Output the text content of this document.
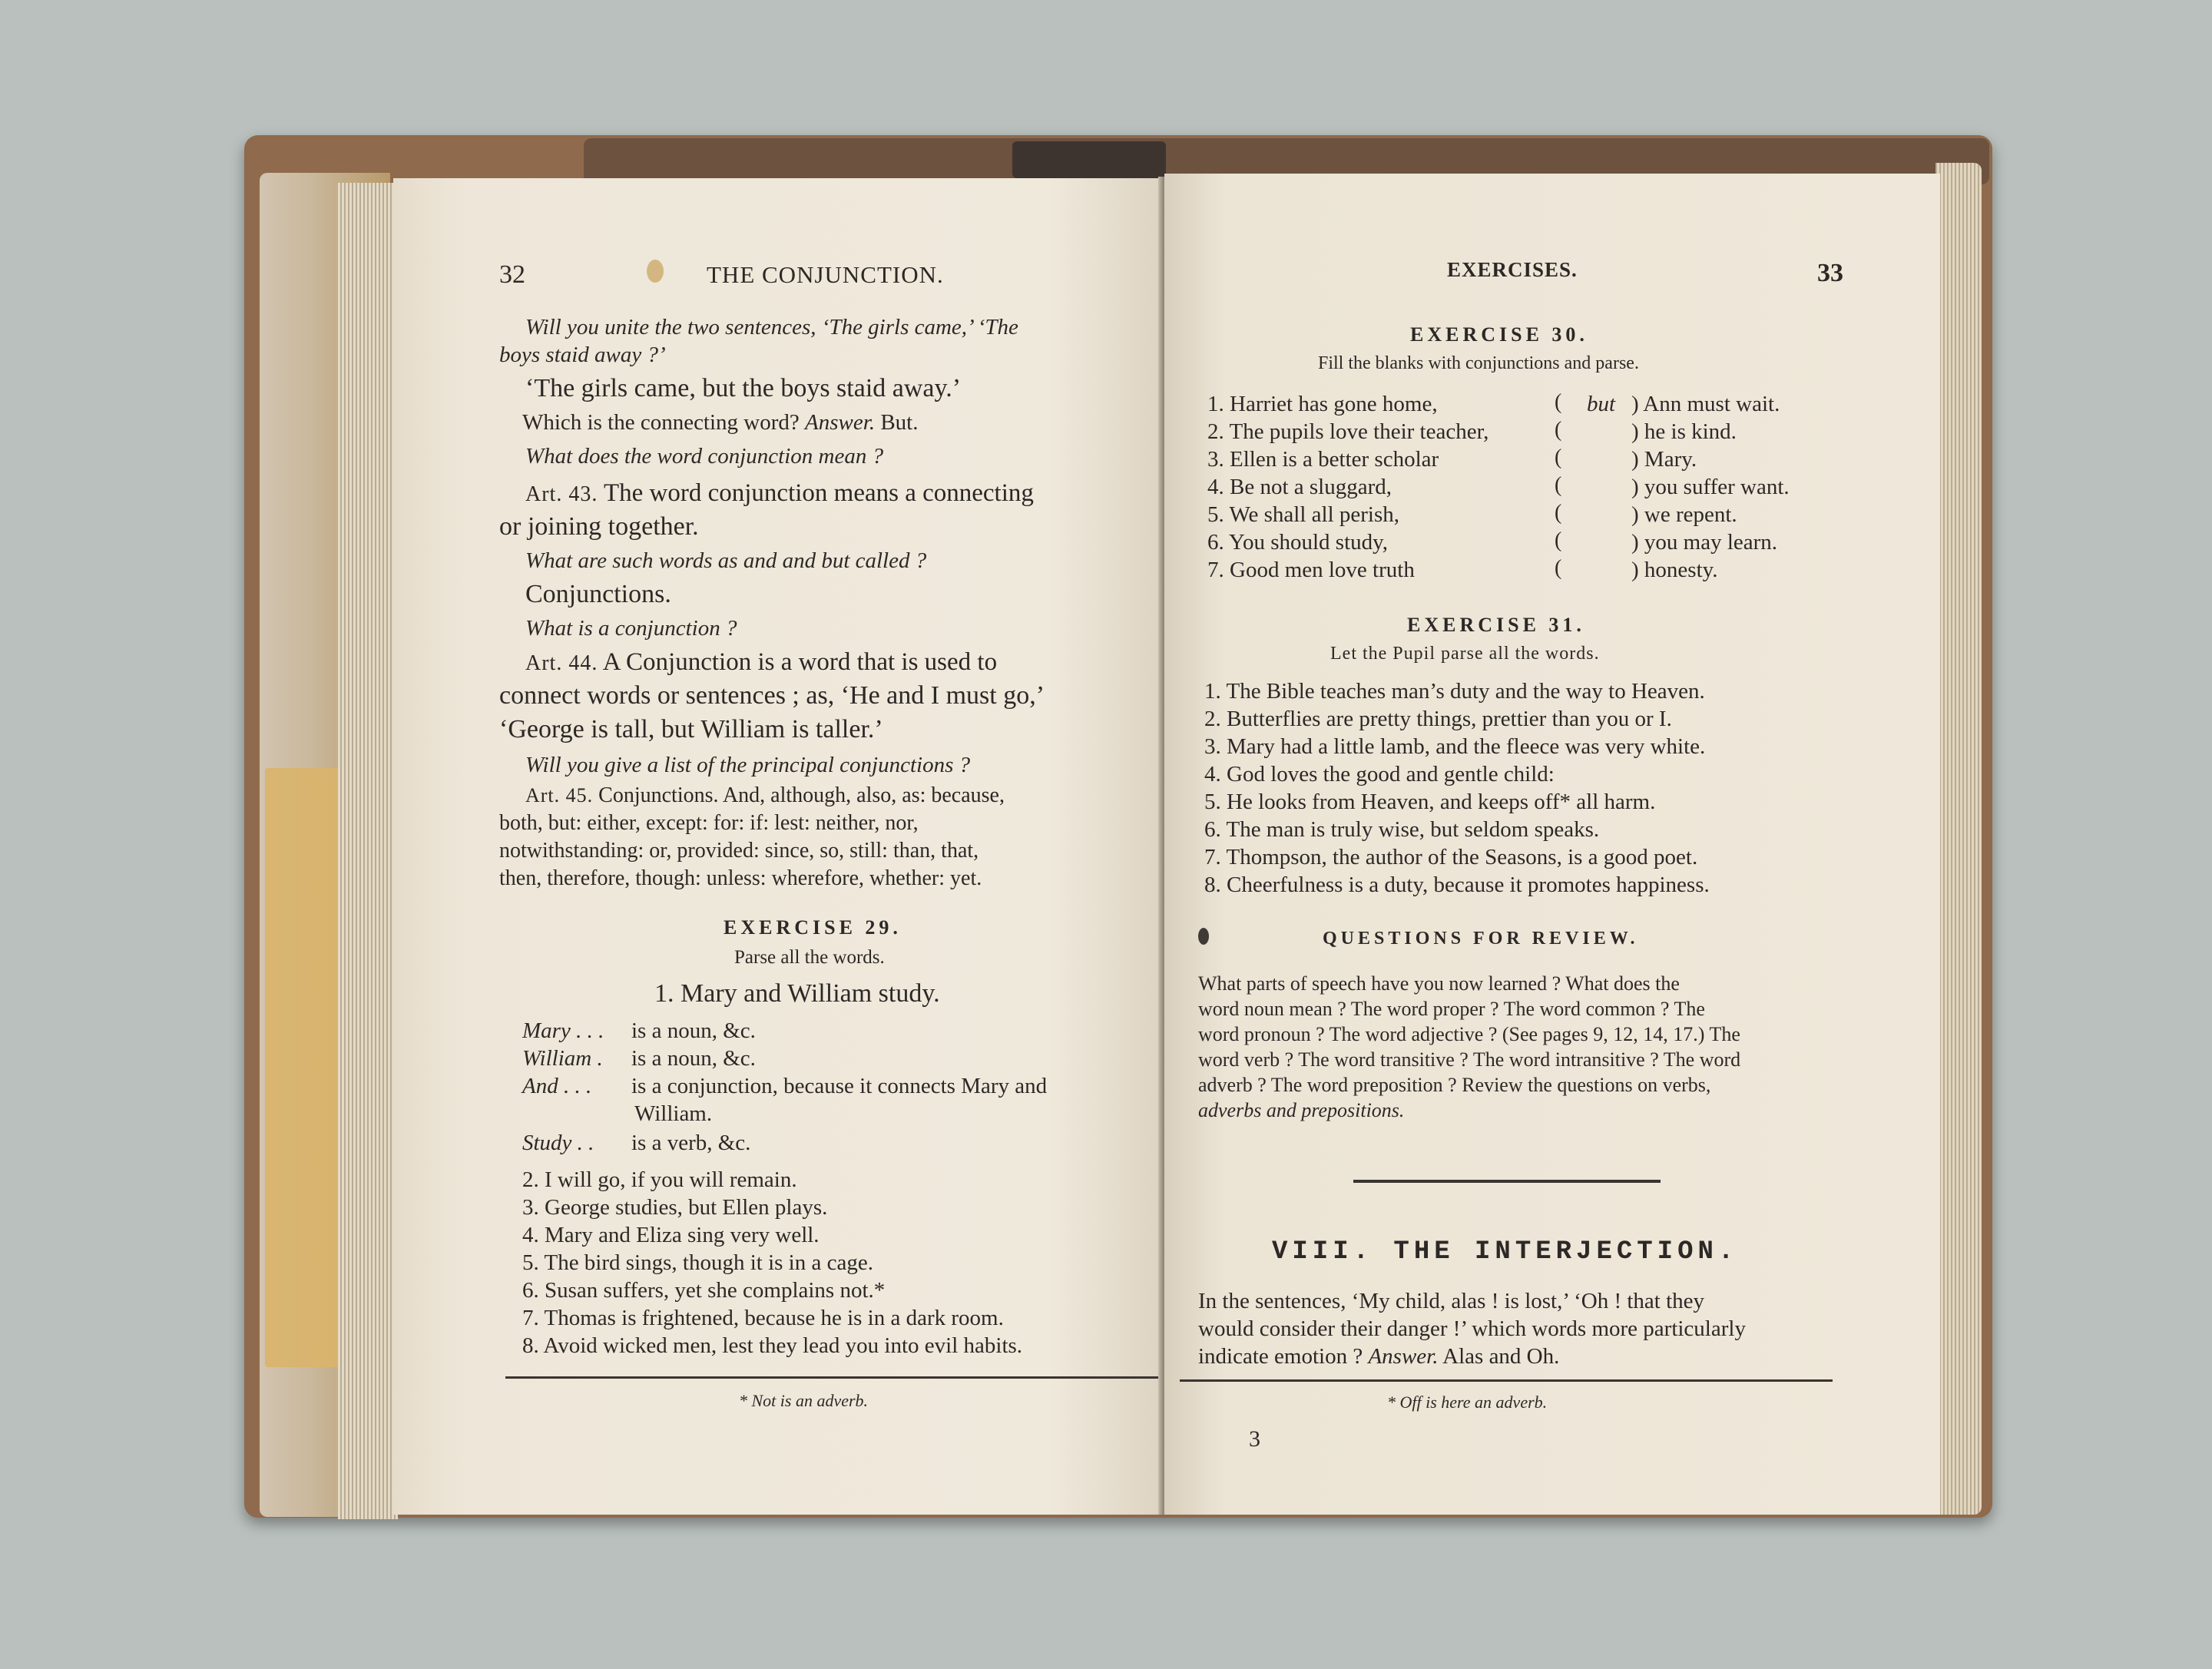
32	THE CONJUNCTION.
Will you unite the two sentences, ‘The girls came,’ ‘The
boys staid away ?’
‘The girls came, but the boys staid away.’
Which is the connecting word? Answer. But.
What does the word conjunction mean ?
Art. 43. The word conjunction means a connecting
or joining together.
What are such words as and and but called ?
Conjunctions.
What is a conjunction ?
Art. 44. A Conjunction is a word that is used to
connect words or sentences ; as, ‘He and I must go,’
‘George is tall, but William is taller.’
Will you give a list of the principal conjunctions ?
Art. 45. Conjunctions. And, although, also, as: because,
both, but: either, except: for: if: lest: neither, nor,
notwithstanding: or, provided: since, so, still: than, that,
then, therefore, though: unless: wherefore, whether: yet.
EXERCISE 29.
Parse all the words.
1. Mary and William study.
Mary . . . is a noun, &c.
William . is a noun, &c.
And . . . is a conjunction, because it connects Mary and
William.
Study . . is a verb, &c.
2. I will go, if you will remain.
3. George studies, but Ellen plays.
4. Mary and Eliza sing very well.
5. The bird sings, though it is in a cage.
6. Susan suffers, yet she complains not.*
7. Thomas is frightened, because he is in a dark room.
8. Avoid wicked men, lest they lead you into evil habits.
* Not is an adverb.
EXERCISES.	33
EXERCISE 30.
Fill the blanks with conjunctions and parse.
1. Harriet has gone home,	( but ) Ann must wait.
2. The pupils love their teacher,	(	) he is kind.
3. Ellen is a better scholar	(	) Mary.
4. Be not a sluggard,	(	) you suffer want.
5. We shall all perish,	(	) we repent.
6. You should study,	(	) you may learn.
7. Good men love truth	(	) honesty.
EXERCISE 31.
Let the Pupil parse all the words.
1. The Bible teaches man’s duty and the way to Heaven.
2. Butterflies are pretty things, prettier than you or I.
3. Mary had a little lamb, and the fleece was very white.
4. God loves the good and gentle child:
5. He looks from Heaven, and keeps off* all harm.
6. The man is truly wise, but seldom speaks.
7. Thompson, the author of the Seasons, is a good poet.
8. Cheerfulness is a duty, because it promotes happiness.
QUESTIONS FOR REVIEW.
What parts of speech have you now learned ? What does the
word noun mean ? The word proper ? The word common ? The
word pronoun ? The word adjective ? (See pages 9, 12, 14, 17.) The
word verb ? The word transitive ? The word intransitive ? The word
adverb ? The word preposition ? Review the questions on verbs,
adverbs and prepositions.
VIII. THE INTERJECTION.
In the sentences, ‘My child, alas ! is lost,’ ‘Oh ! that they
would consider their danger !’ which words more particularly
indicate emotion ? Answer. Alas and Oh.
* Off is here an adverb.
3
